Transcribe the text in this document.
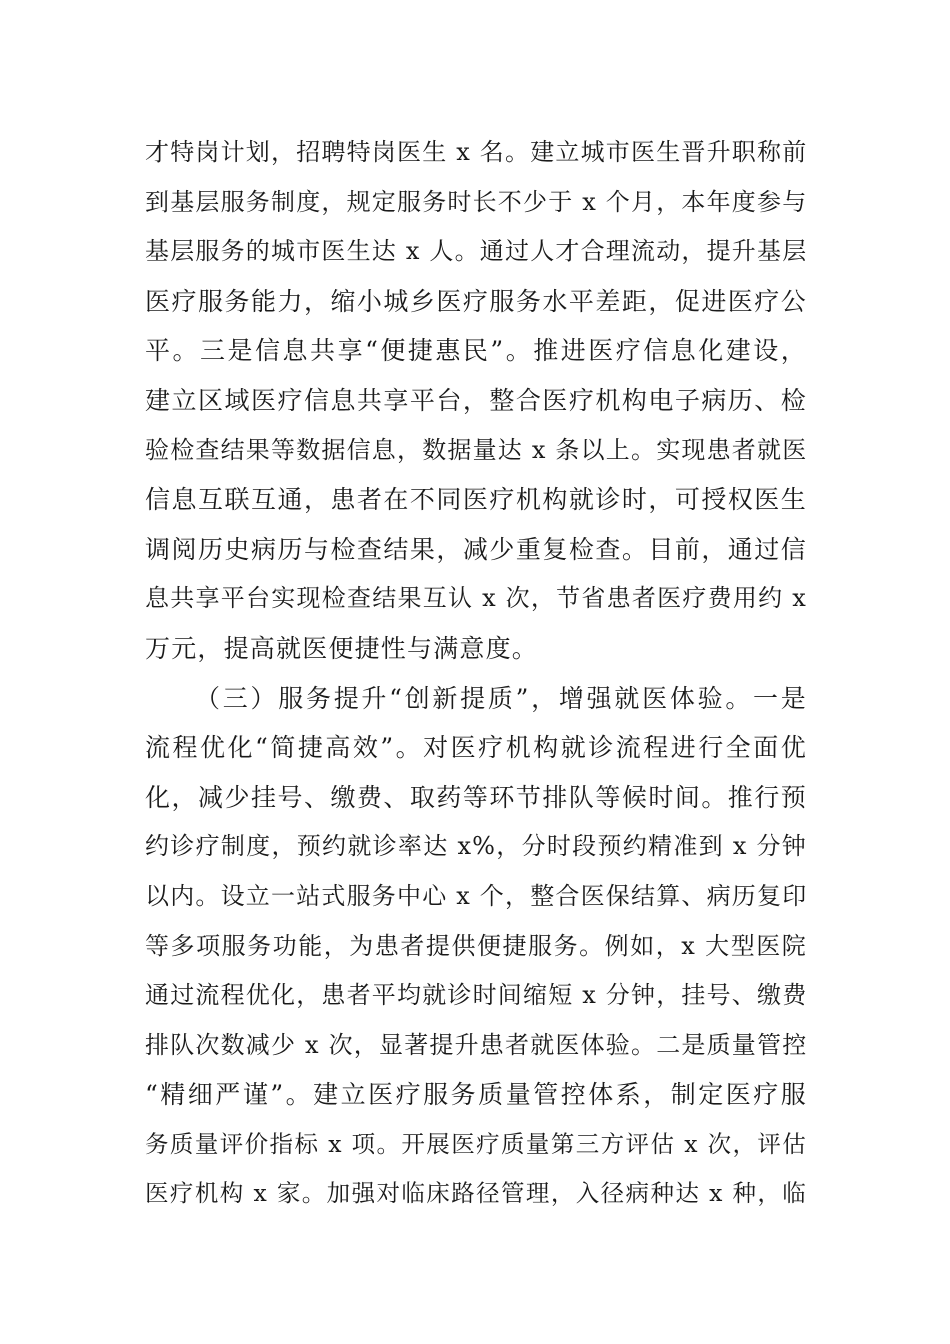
才特岗计划，招聘特岗医生 x 名。建立城市医生晋升职称前
到基层服务制度，规定服务时长不少于 x 个月，本年度参与
基层服务的城市医生达 x 人。通过人才合理流动，提升基层
医疗服务能力，缩小城乡医疗服务水平差距，促进医疗公
平。三是信息共享“便捷惠民”。推进医疗信息化建设，
建立区域医疗信息共享平台，整合医疗机构电子病历、检
验检查结果等数据信息，数据量达 x 条以上。实现患者就医
信息互联互通，患者在不同医疗机构就诊时，可授权医生
调阅历史病历与检查结果，减少重复检查。目前，通过信
息共享平台实现检查结果互认 x 次，节省患者医疗费用约 x
万元，提高就医便捷性与满意度。
（三）服务提升“创新提质”，增强就医体验。一是
流程优化“简捷高效”。对医疗机构就诊流程进行全面优
化，减少挂号、缴费、取药等环节排队等候时间。推行预
约诊疗制度，预约就诊率达 x%，分时段预约精准到 x 分钟
以内。设立一站式服务中心 x 个，整合医保结算、病历复印
等多项服务功能，为患者提供便捷服务。例如，x 大型医院
通过流程优化，患者平均就诊时间缩短 x 分钟，挂号、缴费
排队次数减少 x 次，显著提升患者就医体验。二是质量管控
“精细严谨”。建立医疗服务质量管控体系，制定医疗服
务质量评价指标 x 项。开展医疗质量第三方评估 x 次，评估
医疗机构 x 家。加强对临床路径管理，入径病种达 x 种，临
